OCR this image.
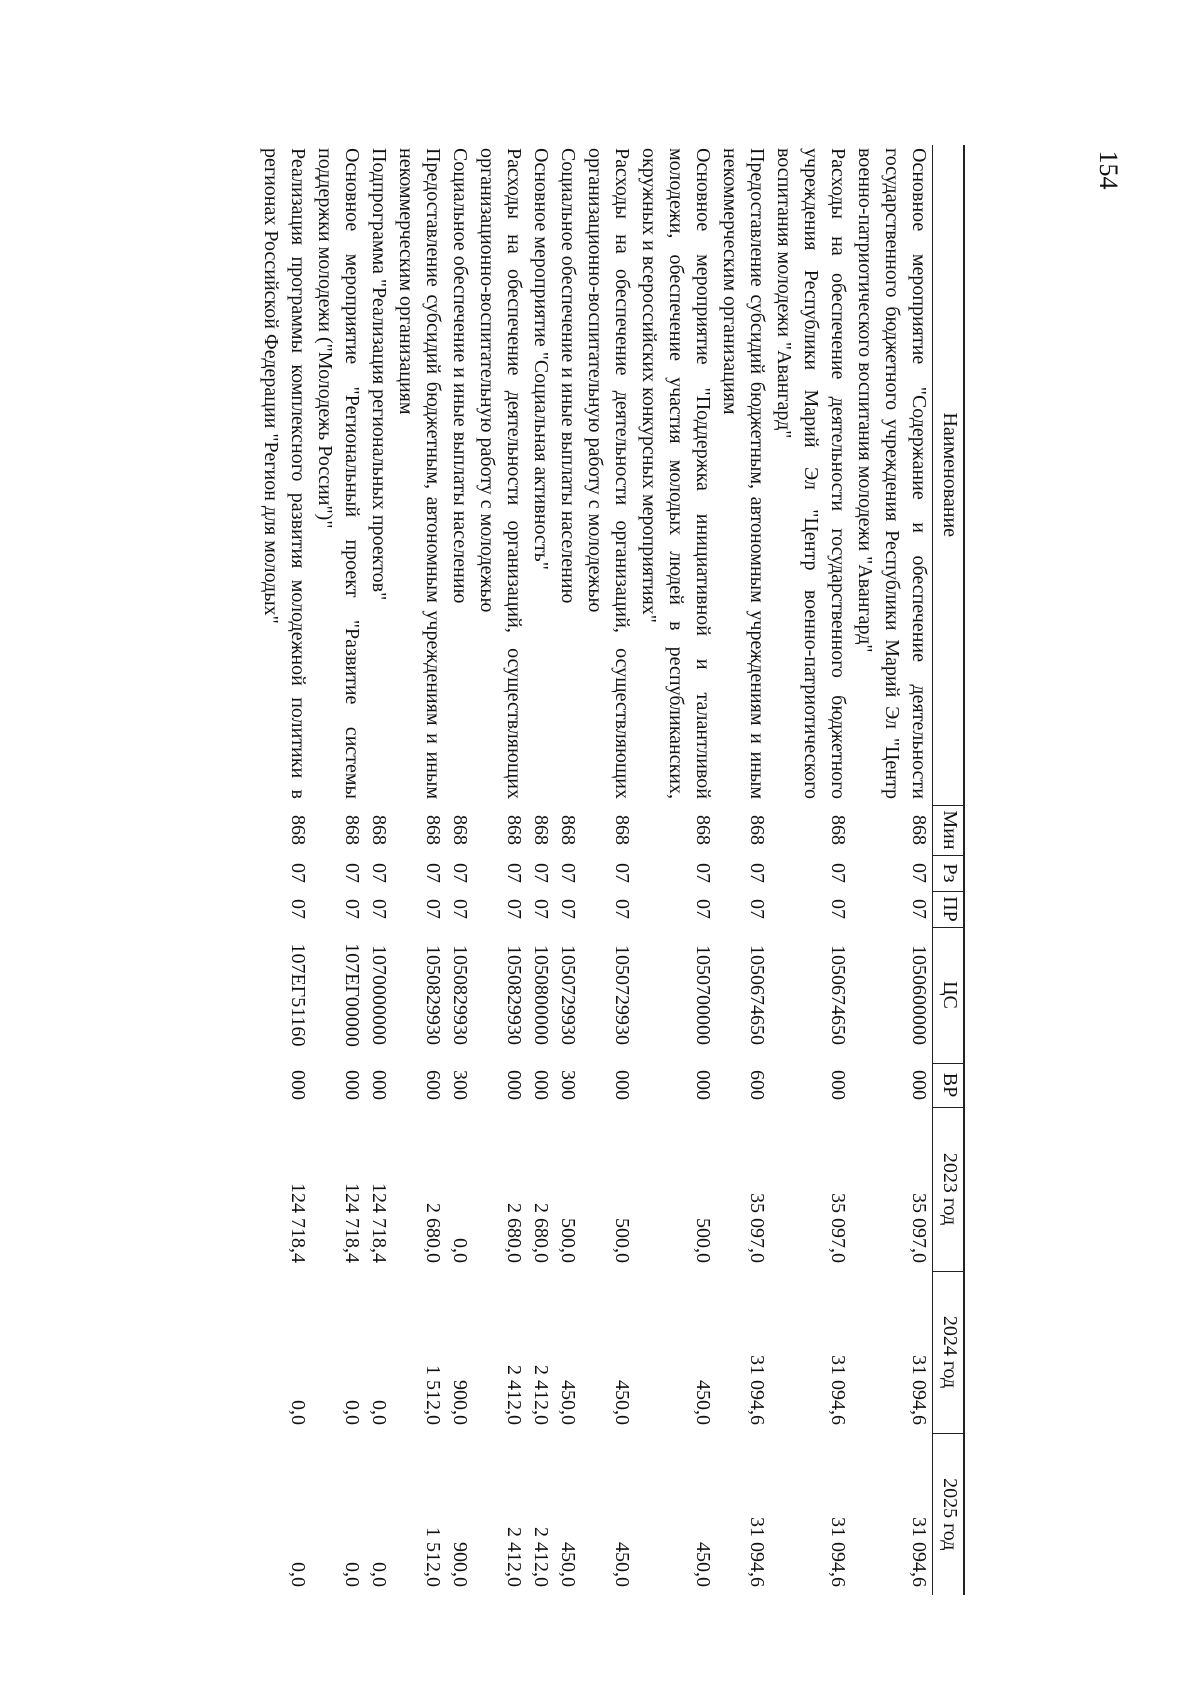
154
Наименование	Мин	Рз	ПР	ЦС	ВР	2023 год	2024 год	2025 год
Основное мероприятие "Содержание и обеспечение деятельности государственного бюджетного учреждения Республики Марий Эл "Центр военно-патриотического воспитания молодежи "Авангард"	868	07	07	1050600000	000	35 097,0	31 094,6	31 094,6
Расходы на обеспечение деятельности государственного бюджетного учреждения Республики Марий Эл "Центр военно-патриотического воспитания молодежи "Авангард"	868	07	07	1050674650	000	35 097,0	31 094,6	31 094,6
Предоставление субсидий бюджетным, автономным учреждениям и иным некоммерческим организациям	868	07	07	1050674650	600	35 097,0	31 094,6	31 094,6
Основное мероприятие "Поддержка инициативной и талантливой молодежи, обеспечение участия молодых людей в республиканских, окружных и всероссийских конкурсных мероприятиях"	868	07	07	1050700000	000	500,0	450,0	450,0
Расходы на обеспечение деятельности организаций, осуществляющих организационно-воспитательную работу с молодежью	868	07	07	1050729930	000	500,0	450,0	450,0
Социальное обеспечение и иные выплаты населению	868	07	07	1050729930	300	500,0	450,0	450,0
Основное мероприятие "Социальная активность"	868	07	07	1050800000	000	2 680,0	2 412,0	2 412,0
Расходы на обеспечение деятельности организаций, осуществляющих организационно-воспитательную работу с молодежью	868	07	07	1050829930	000	2 680,0	2 412,0	2 412,0
Социальное обеспечение и иные выплаты населению	868	07	07	1050829930	300	0,0	900,0	900,0
Предоставление субсидий бюджетным, автономным учреждениям и иным некоммерческим организациям	868	07	07	1050829930	600	2 680,0	1 512,0	1 512,0
Подпрограмма "Реализация региональных проектов"	868	07	07	1070000000	000	124 718,4	0,0	0,0
Основное мероприятие "Региональный проект "Развитие системы поддержки молодежи ("Молодежь России")"	868	07	07	107ЕГ00000	000	124 718,4	0,0	0,0
Реализация программы комплексного развития молодежной политики в регионах Российской Федерации "Регион для молодых"	868	07	07	107ЕГ51160	000	124 718,4	0,0	0,0
